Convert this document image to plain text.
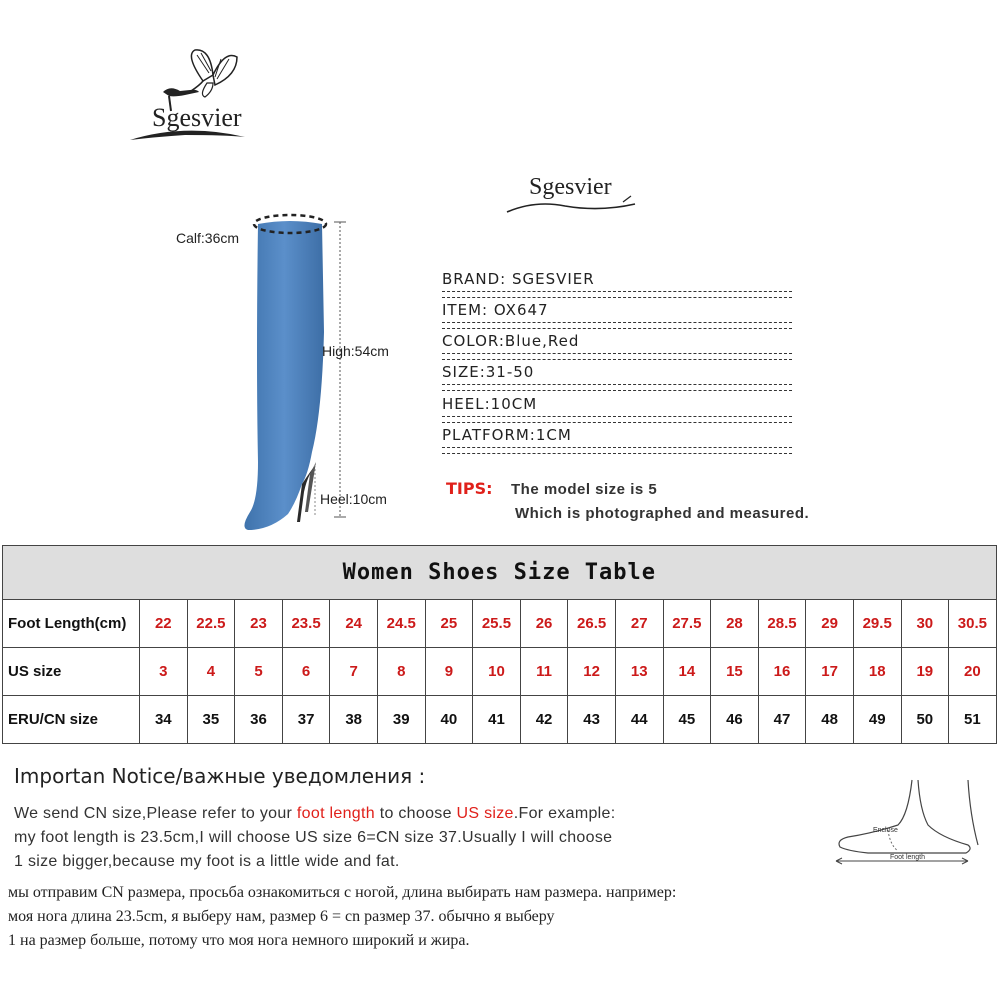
Sgesvier
Sgesvier
Calf:36cm
High:54cm
Heel:10cm
BRAND: SGESVIER
ITEM: OX647
COLOR:Blue,Red
SIZE:31-50
HEEL:10CM
PLATFORM:1CM
TIPS: The model size is 5
Which is photographed and measured.
Women Shoes Size Table																		
Foot Length(cm)	22	22.5	23	23.5	24	24.5	25	25.5	26	26.5	27	27.5	28	28.5	29	29.5	30	30.5
US size	3	4	5	6	7	8	9	10	11	12	13	14	15	16	17	18	19	20
ERU/CN size	34	35	36	37	38	39	40	41	42	43	44	45	46	47	48	49	50	51
Importan Notice/важные уведомления :
We send CN size,Please refer to your foot length to choose US size.For example:
my foot length is 23.5cm,I will choose US size 6=CN size 37.Usually I will choose
1 size bigger,because my foot is a little wide and fat.
мы отправим CN размера, просьба ознакомиться с ногой, длина выбирать нам размера. например:
моя нога длина 23.5cm, я выберу нам, размер 6 = cn размер 37. обычно я выберу
1 на размер больше, потому что моя нога немного широкий и жира.
Enclose
Foot length
